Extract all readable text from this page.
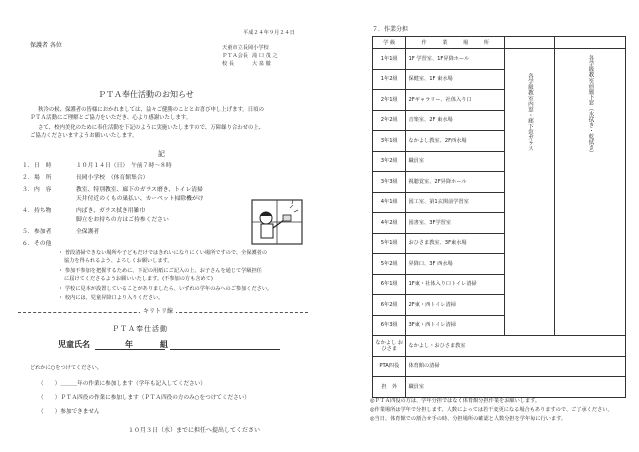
平成２４年９月２４日
保護者 各位	天童市立長岡小学校
ＰＴＡ会長 滝 口 茂 之
校 長	大 泉 徹
ＰＴＡ奉仕活動のお知らせ
秋冷の候、保護者の皆様におかれましては、益々ご健勝のこととお喜び申し上げます。日頃の
ＰＴＡ活動にご理解とご協力をいただき、心より感謝いたします。
さて、校内美化のために奉仕活動を下記のように実施いたしますので、万障繰り合わせの上、
ご協力くださいますようお願いいたします。
記
１．日　時	１０月１４日（日）　午前７時～８時
２．場　所	長岡小学校　（体育館集合）
３．内　容	教室、特別教室、廊下のガラス磨き、トイレ清掃
天井付近のくもの巣払い、カーペット掃除機がけ
４．持ち物	内ばき、ガラス拭き用雑巾
脚立をお持ちの方はご持参ください
５．参加者	全保護者
６．その他
・ 普段清掃できない場所や子どもだけではきれいになりにくい場所ですので、全保護者の
協力を得られるよう、よろしくお願いします。
・ 参加不参加を把握するために、下記の用紙にご記入の上、お子さんを通じて学級担任
に届けてくださるようお願いいたします。(不参加の方も含めて)
・ 学校に見本が設置していることがありましたら、いずれの学年のみへのご参加ください。
・ 校内には、児童昇降口より入りください。
キリトリ線
ＰＴＡ奉仕活動
児童氏名	年	組
どれかに○をつけてください。
（　　）＿＿＿年の作業に参加します（学年も記入してください）
（　　）ＰＴＡ四役の作業に参加します（ＰＴＡ四役の方のみ○をつけてください）
（　　）参加できません
１０月３日（水）までに担任へ提出してください
７．作業分担
学 級	作　　　業　　　場　　　所		
1年1組	1F 学習室、1F昇降ホール	各学級教室内窓・廊下窓ガラス	各学級教室前廊下窓（水拭き・乾拭き）
1年2組	保健室、1F 東水場		
2年1組	2Fギャラリー、社体入り口		
2年2組	音楽室、2F 東水場		
3年1組	なかよし教室、2F西水場		
3年2組	職員室		
3年3組	視聴覚室、2F昇降ホール		
4年1組	図工室、第1玄関前学習室		
4年2組	図書室、3F学習室		
5年1組	おひさま教室、3F東水場		
5年2組	昇降口、3F 西水場		
6年1組	1F東・社体入り口トイレ清掃		
6年2組	2F東・西トイレ清掃		
6年3組	3F東・西トイレ清掃		
なかよし おひさま	なかよし・おひさま教室		
PTA四役	体育館の清掃		
担　外	職員室		
◎ＰＴＡ四役の方は、学年分担ではなく体育館分担作業をお願いします。
◎作業場所は学年で分担します。人数によっては若干変更になる場合もありますので、ご了承ください。
◎当日、体育館での割合せ手の時、分担場所の確認と人数分担を学年毎に行います。
